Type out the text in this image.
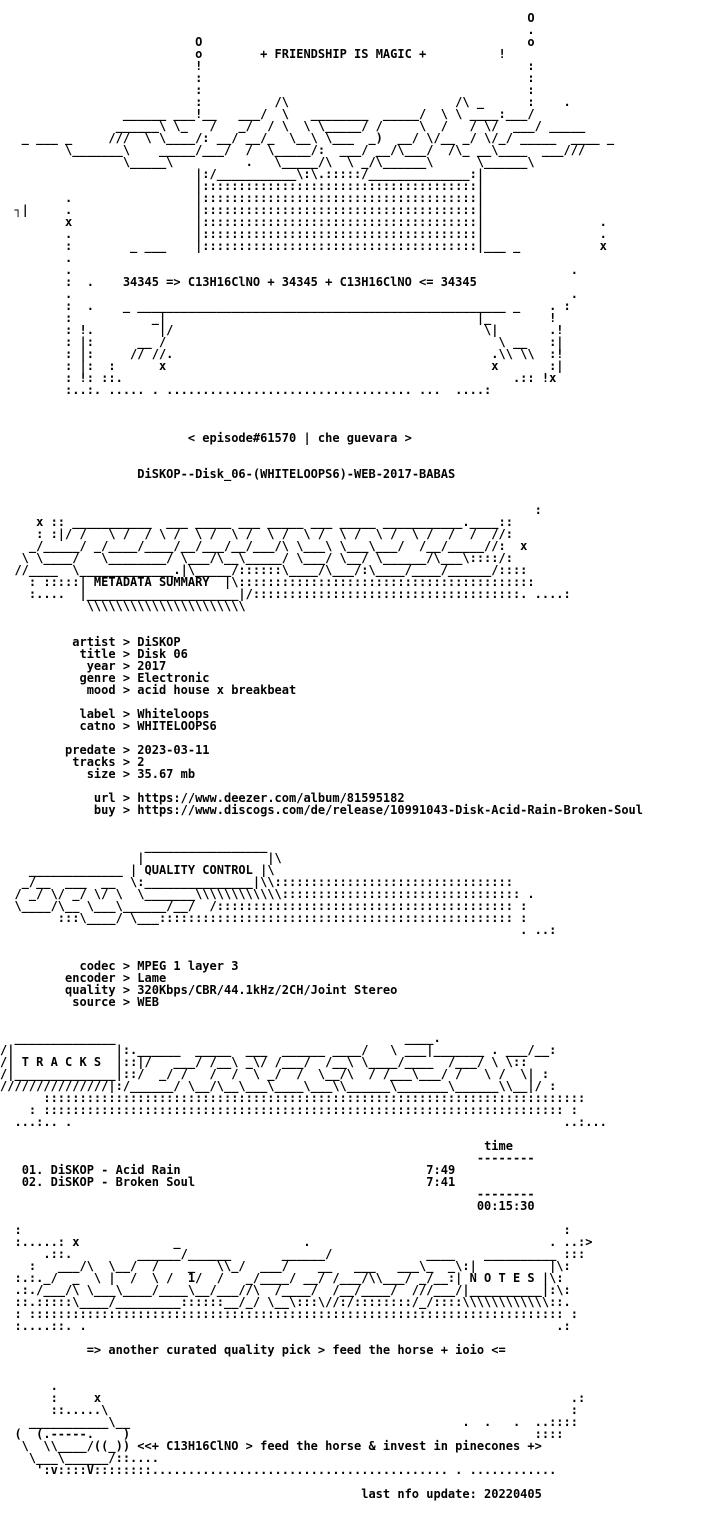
O
.
O                                             o
o        + FRIENDSHIP IS MAGIC +          !
!                                             :
:                                             :
:                                             :
:          /\                       /\ _      :    .
______ ___!__   ___/  \   ________  _____/  \ \ ____:___/
______\ \_   /   _/  / \  \ \_____/ /     \  /   / \/  ___/ _____
_ ___ _     ///  \ \____/: __/ __/_  \__\ \___  _)  __/ \/__ _/ \/_/ _____  ____ _
\_______\    _____/___/  /  \_____/:  ___/ __/\___/  /\_ __\____  ___///
\_____\          .   \_____/\  \ _/\______\      \______\
|:/___________\:\.:::::/______________:|
|::::::::::::::::::::::::::::::::::::::|
.                 |::::::::::::::::::::::::::::::::::::::|
┐|     .                 |::::::::::::::::::::::::::::::::::::::|
x                 |::::::::::::::::::::::::::::::::::::::|                .
.                 |::::::::::::::::::::::::::::::::::::::|                .
:        _ ___    |::::::::::::::::::::::::::::::::::::::|___ _           x
.
.                                                                     .
:  .    34345 => C13H16ClNO + 34345 + C13H16ClNO <= 34345
.                                                                     .
:  .    _ ___________________________________________________ _    . :
:           _|                                           |_        !
: !.         |/                                           \|       .!
: |:      __ /                                              \ __   :|
: |:     // //.                                            .\\ \\  :!
: |:  :      x                                             x       :|
: !: ::.                                                      .:: !x
:..:. ..... . .................................. ...  ....:
< episode#61570 | che guevara >
DiSKOP--Disk_06-(WHITELOOPS6)-WEB-2017-BABAS
:
x :: ___________  ___ _____ ___ _____ ___ _____ ___________.____::
: :|/ /   \ /  / \ /  \ /  \ /  \ /  \ /  \ /  \ /  \ /  /  /  //:
_/_____/ _/____/____/__/___/__/___/\ \___\ \___\___/  /__/_____//:  x
\ \____/   \________/ \___/\__\_____/ \___/ \__/ \______/\___\::::/:
//____  \_____________.|\_____/::::::\____/\___/:\____/____/______/::::
: :::::| METADATA SUMMARY  |\:::::::::::::::::::::::::::::::::::::::::
:....  |_____________________|/:::::::::::::::::::::::::::::::::::::. ....:
\\\\\\\\\\\\\\\\\\\\\\
artist > DiSKOP
title > Disk 06
year > 2017
genre > Electronic
mood > acid house x breakbeat
label > Whiteloops
catno > WHITELOOPS6
predate > 2023-03-11
tracks > 2
size > 35.67 mb
url > https://www.deezer.com/album/81595182
buy > https://www.discogs.com/de/release/10991043-Disk-Acid-Rain-Broken-Soul
_________________
_____________ | QUALITY CONTROL |\
|                 |\
_/__  ___  __  \:_______________|\\:::::::::::::::::::::::::::::::::
/ _/ \/ _/ \/ \  \_______\\\\\\\\\\\\::::::::::::::::::::::::::::::::: .
\____/\__ \___\______/__/  /::::::::::::::::::::::::::::::::::::::::: :
:::\____/ \___::::::::::::::::::::::::::::::::::::::::::::::::: :
. ..:
codec > MPEG 1 layer 3
encoder > Lame
quality > 320Kbps/CBR/44.1kHz/2CH/Joint Stereo
source > WEB
______________                                        ____.
/|              |:.______  _____  ___  ______ ____/   \ ___|_______ . ___/__:
/| T R A C K S  |::|/   ___/ /__\ _\/ /___/  /__\ \____/____  /___/ \ \::
/|______________|::/  _/ /   /  /  \ _/  /  \__/\  / /___\___/ /   \ /  \| :
///////////////|:/______/ \__/\__\___\____\___\\______\_______\______\\__|/ :
:::::::::::::::::::::::::::::::::::::::::::::::::::::::::::::::::::::::::::
: :::::::::::::::::::::::::::::::::::::::::::::::::::::::::::::::::::::::: :
...:.. .                                                                    ..:...
time
--------
01. DiSKOP - Acid Rain	7:49
02. DiSKOP - Broken Soul	7:41
--------
00:15:30
:                                                                           :
:.....: x             _                 .                                 . ..:>
.::.         ______/______       ______/             ____    __________ :::
:   ___/\  \__/  /    _   \\_/  ___/    __   ___   ___\_  _\:|          |\:
:.:._/  _  \ |  /  \ /  1/  /   _/____/ __/ /___/\\___/ _/__:| N O T E S |\:
.:./___/\ \___\____/____\__/___//\  /____/  /__/____/  ///___/|__________|:\:
::.:::::\____/_________::::::__/_/ \__\:::\//:/::::::::/_/::::\\\\\\\\\\\\::.
: :::::::::::::::::::::::::::::::::::::::::::::::::::::::::::::::::::::::::: :
:....::. .                                                                 .:
=> another curated quality pick > feed the horse + ioio <=
.
:     x                                                                 .:
::.....\                                                                :
___________\__                                              .  .   .  ..::::
(  (.-----.    )                                                        ::::
\  \\____/((_)) <<+ C13H16ClNO > feed the horse & invest in pinecones +>
\___\______/::....
':v::::V::::::::......................................... . ............
last nfo update: 20220405
